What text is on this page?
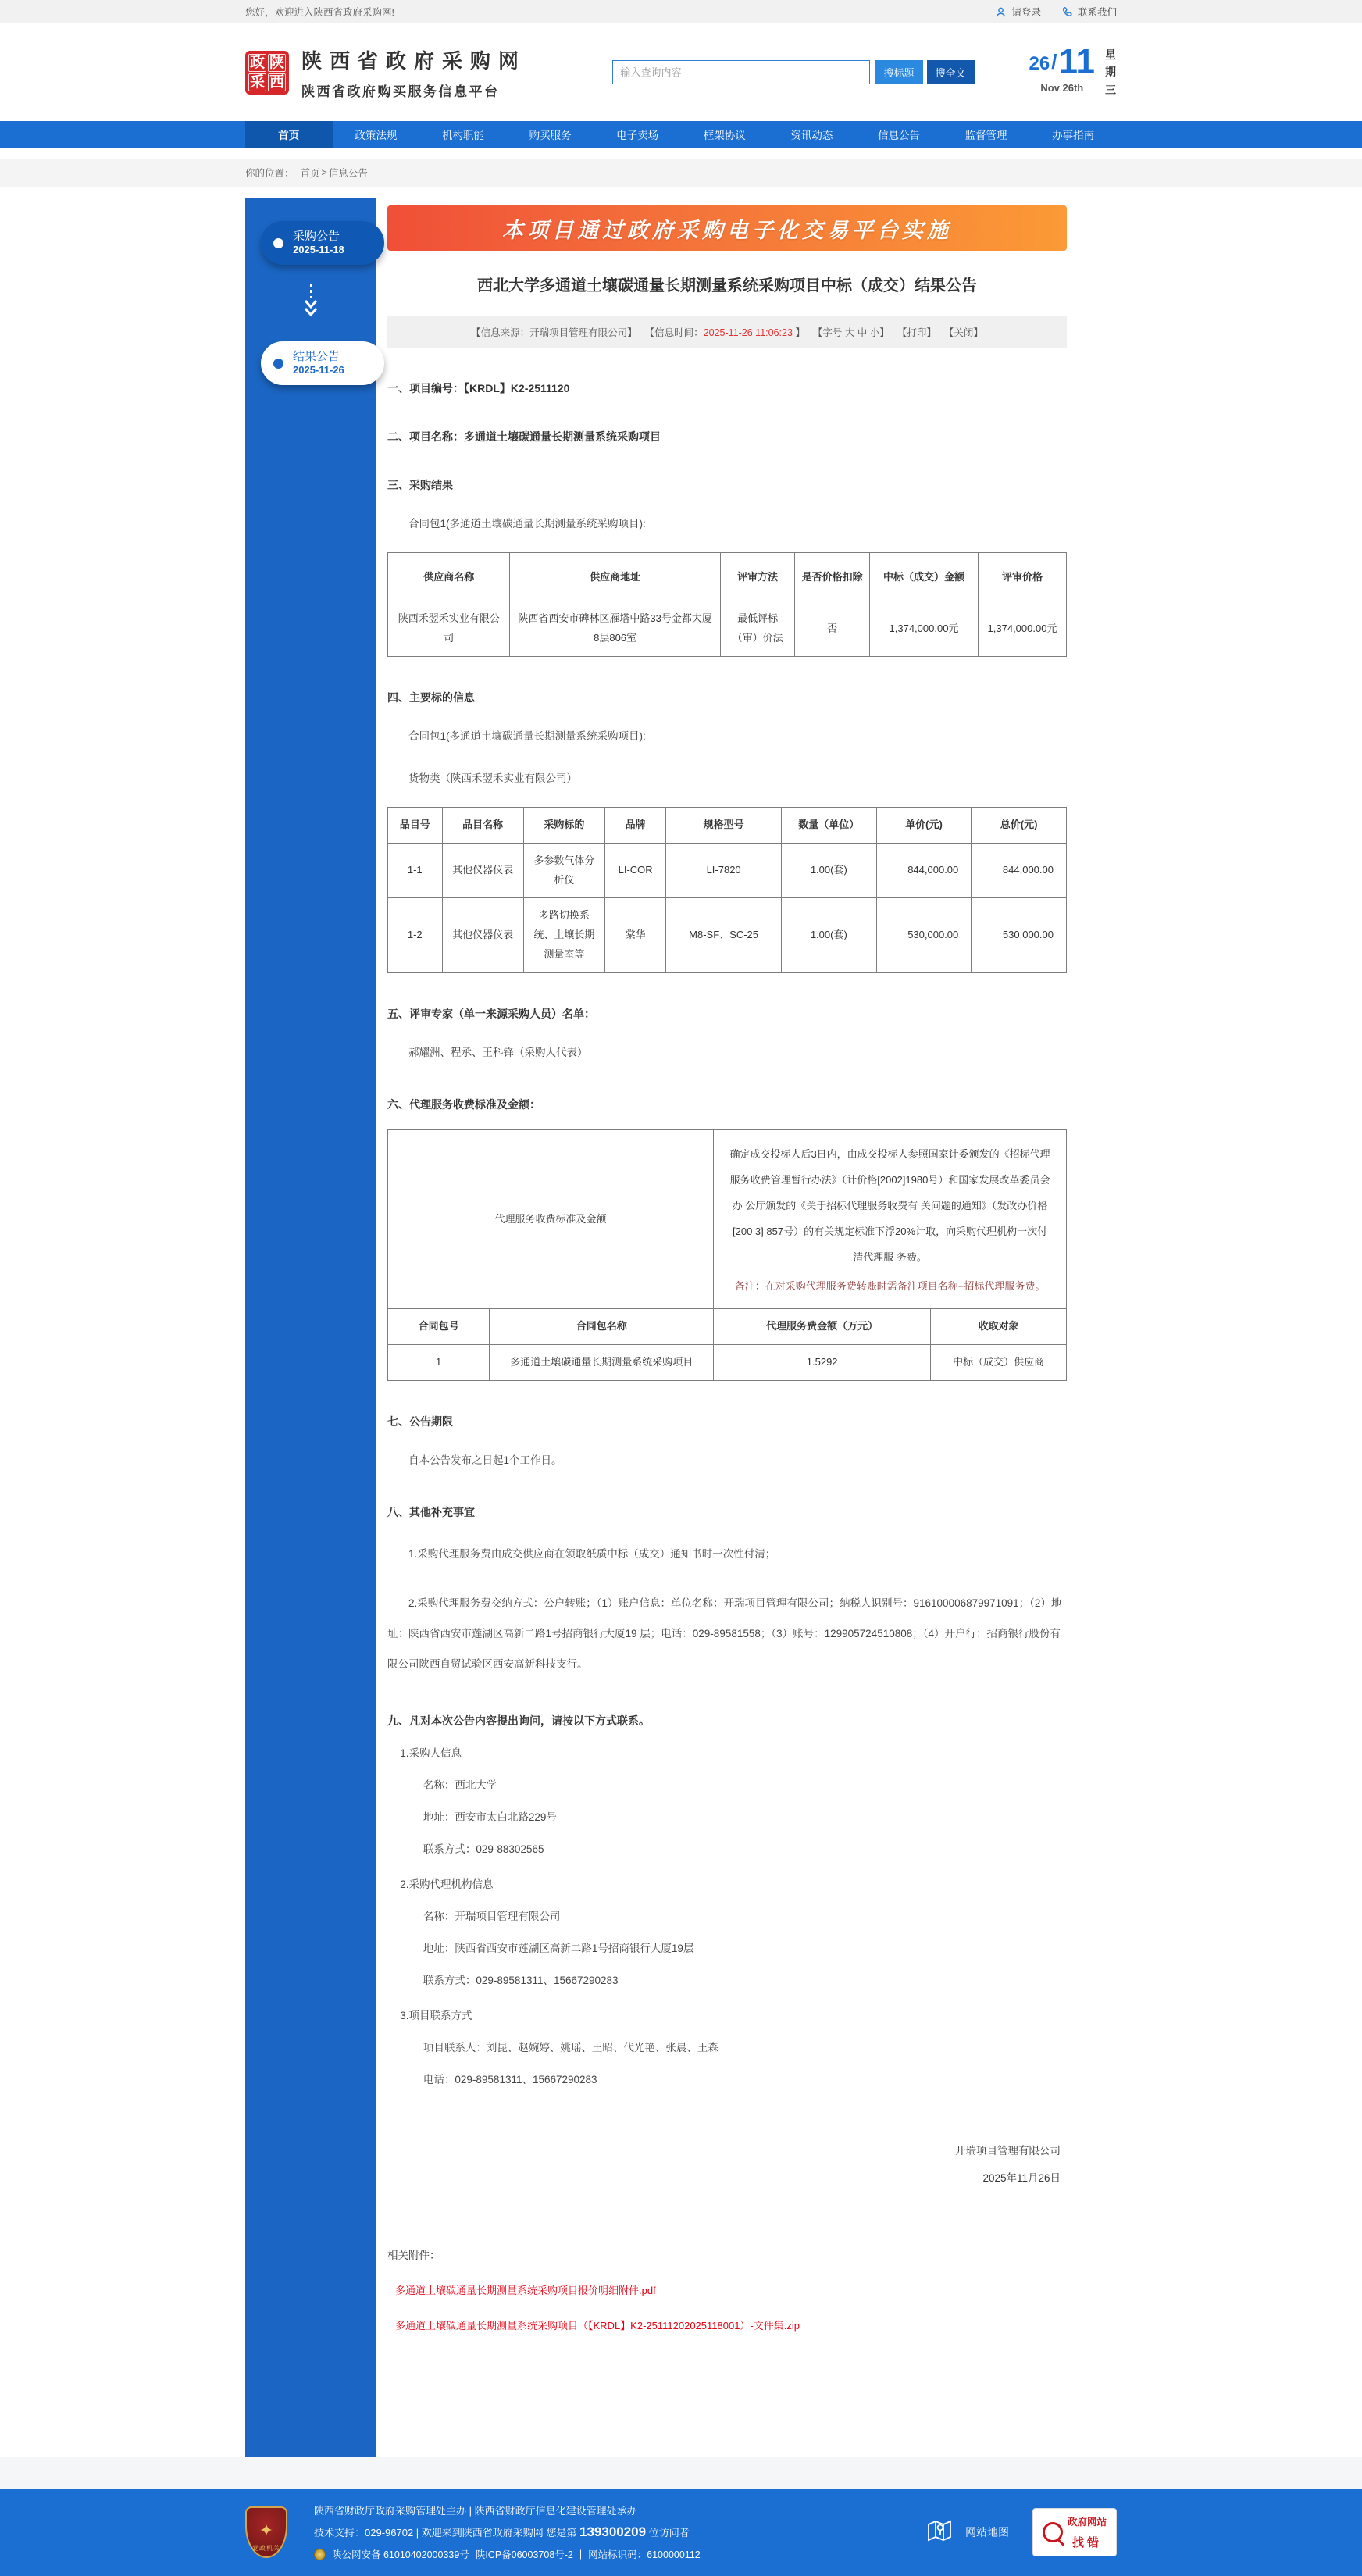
您好，欢迎进入陕西省政府采购网!	请登录	联系我们
政 陕
采 西
陕西省政府采购网
陕西省政府购买服务信息平台
输入查询内容
搜标题	搜全文	26 / 11
Nov 26th
星期三
首页	政策法规	机构职能	购买服务	电子卖场	框架协议	资讯动态	信息公告	监督管理	办事指南
你的位置： 首页 > 信息公告
采购公告
2025-11-18
结果公告
2025-11-26
本项目通过政府采购电子化交易平台实施
西北大学多通道土壤碳通量长期测量系统采购项目中标（成交）结果公告
【信息来源：开瑞项目管理有限公司】 【信息时间：2025-11-26 11:06:23 】 【字号 大 中 小】 【打印】 【关闭】
一、项目编号：【KRDL】K2-2511120
二、项目名称：多通道土壤碳通量长期测量系统采购项目
三、采购结果
合同包1(多通道土壤碳通量长期测量系统采购项目):
供应商名称	供应商地址	评审方法	是否价格扣除	中标（成交）金额	评审价格
陕西禾翌禾实业有限公司	陕西省西安市碑林区雁塔中路33号金都大厦8层806室	最低评标（审）价法	否	1,374,000.00元	1,374,000.00元
四、主要标的信息
合同包1(多通道土壤碳通量长期测量系统采购项目):
货物类（陕西禾翌禾实业有限公司）
品目号	品目名称	采购标的	品牌	规格型号	数量（单位）	单价(元)	总价(元)
1-1	其他仪器仪表	多参数气体分析仪	LI-COR	LI-7820	1.00(套)	844,000.00	844,000.00
1-2	其他仪器仪表	多路切换系统、土壤长期测量室等	棠华	M8-SF、SC-25	1.00(套)	530,000.00	530,000.00
五、评审专家（单一来源采购人员）名单：
郝耀洲、程承、王科锋（采购人代表）
六、代理服务收费标准及金额：
代理服务收费标准及金额		确定成交投标人后3日内，由成交投标人参照国家计委颁发的《招标代理 服务收费管理暂行办法》（计价格[2002]1980号）和国家发展改革委员会办 公厅颁发的《关于招标代理服务收费有 关问题的通知》（发改办价格[200 3] 857号）的有关规定标准下浮20%计取，向采购代理机构一次付清代理服 务费。
备注：在对采购代理服务费转账时需备注项目名称+招标代理服务费。	

合同包号	合同包名称	代理服务费金额（万元）	收取对象
1	多通道土壤碳通量长期测量系统采购项目	1.5292	中标（成交）供应商
七、公告期限
自本公告发布之日起1个工作日。
八、其他补充事宜
1.采购代理服务费由成交供应商在领取纸质中标（成交）通知书时一次性付清；
2.采购代理服务费交纳方式：公户转账；（1）账户信息：单位名称：开瑞项目管理有限公司；纳税人识别号：916100006879971091；（2）地址：陕西省西安市莲湖区高新二路1号招商银行大厦19 层；电话：029-89581558；（3）账号：129905724510808；（4）开户行：招商银行股份有限公司陕西自贸试验区西安高新科技支行。
九、凡对本次公告内容提出询问，请按以下方式联系。
1.采购人信息
名称：西北大学
地址：西安市太白北路229号
联系方式：029-88302565
2.采购代理机构信息
名称：开瑞项目管理有限公司
地址：陕西省西安市莲湖区高新二路1号招商银行大厦19层
联系方式：029-89581311、15667290283
3.项目联系方式
项目联系人：刘昆、赵婉婷、姚瑶、王昭、代光艳、张晨、王森
电话：029-89581311、15667290283
开瑞项目管理有限公司
2025年11月26日
相关附件：
多通道土壤碳通量长期测量系统采购项目报价明细附件.pdf
多通道土壤碳通量长期测量系统采购项目（【KRDL】K2-25111202025118001）-文件集.zip
✦
党政机关
陕西省财政厅政府采购管理处主办 | 陕西省财政厅信息化建设管理处承办
技术支持：029-96702 | 欢迎来到陕西省政府采购网 您是第 139300209 位访问者
陕公网安备 61010402000339号 陕ICP备06003708号-2 | 网站标识码：6100000112
网站地图
政府网站
找错
